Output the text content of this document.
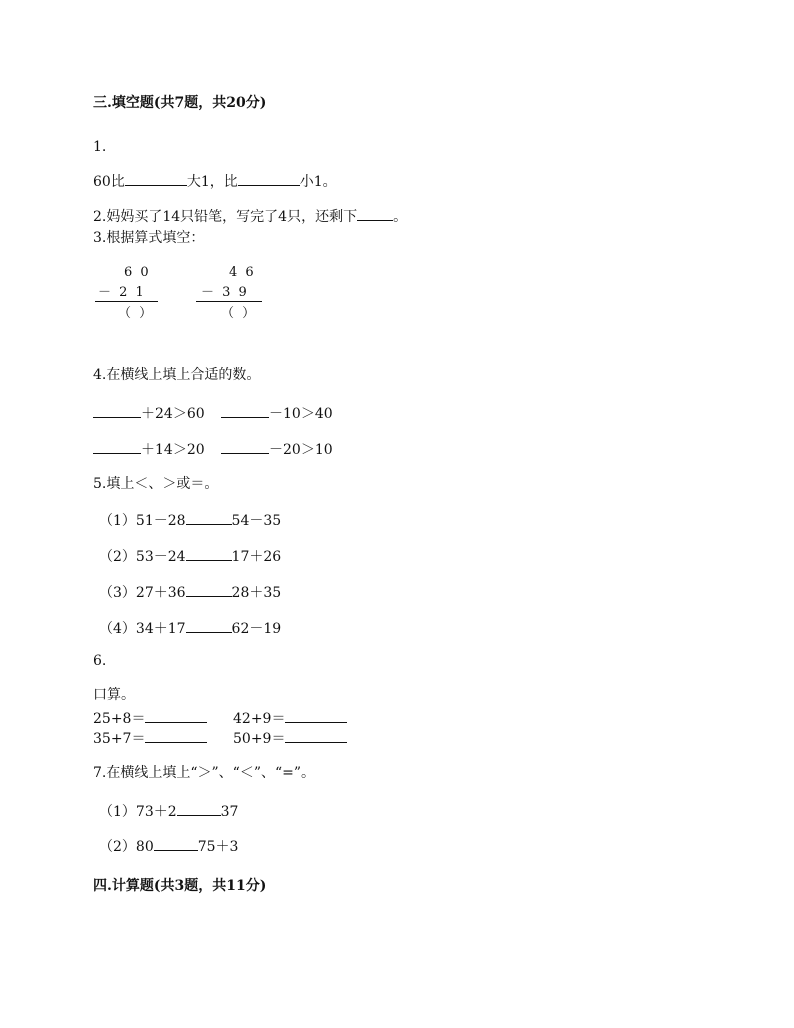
三.填空题(共7题，共20分)
1.
60比	大1，比	小1。
2.妈妈买了14只铅笔，写完了4只，还剩下	。
3.根据算式填空：
6 0
－ 2 1
（ ）
4 6
－ 3 9
（ ）
4.在横线上填上合适的数。
＋24＞60	－10＞40
＋14＞20	－20＞10
5.填上＜、＞或＝。
（1）51－28	54－35
（2）53－24	17＋26
（3）27＋36	28＋35
（4）34＋17	62－19
6.
口算。
25+8＝	42+9＝
35+7＝	50+9＝
7.在横线上填上“＞”、“＜”、“=”。
（1）73＋2	37
（2）80	75＋3
四.计算题(共3题，共11分)
